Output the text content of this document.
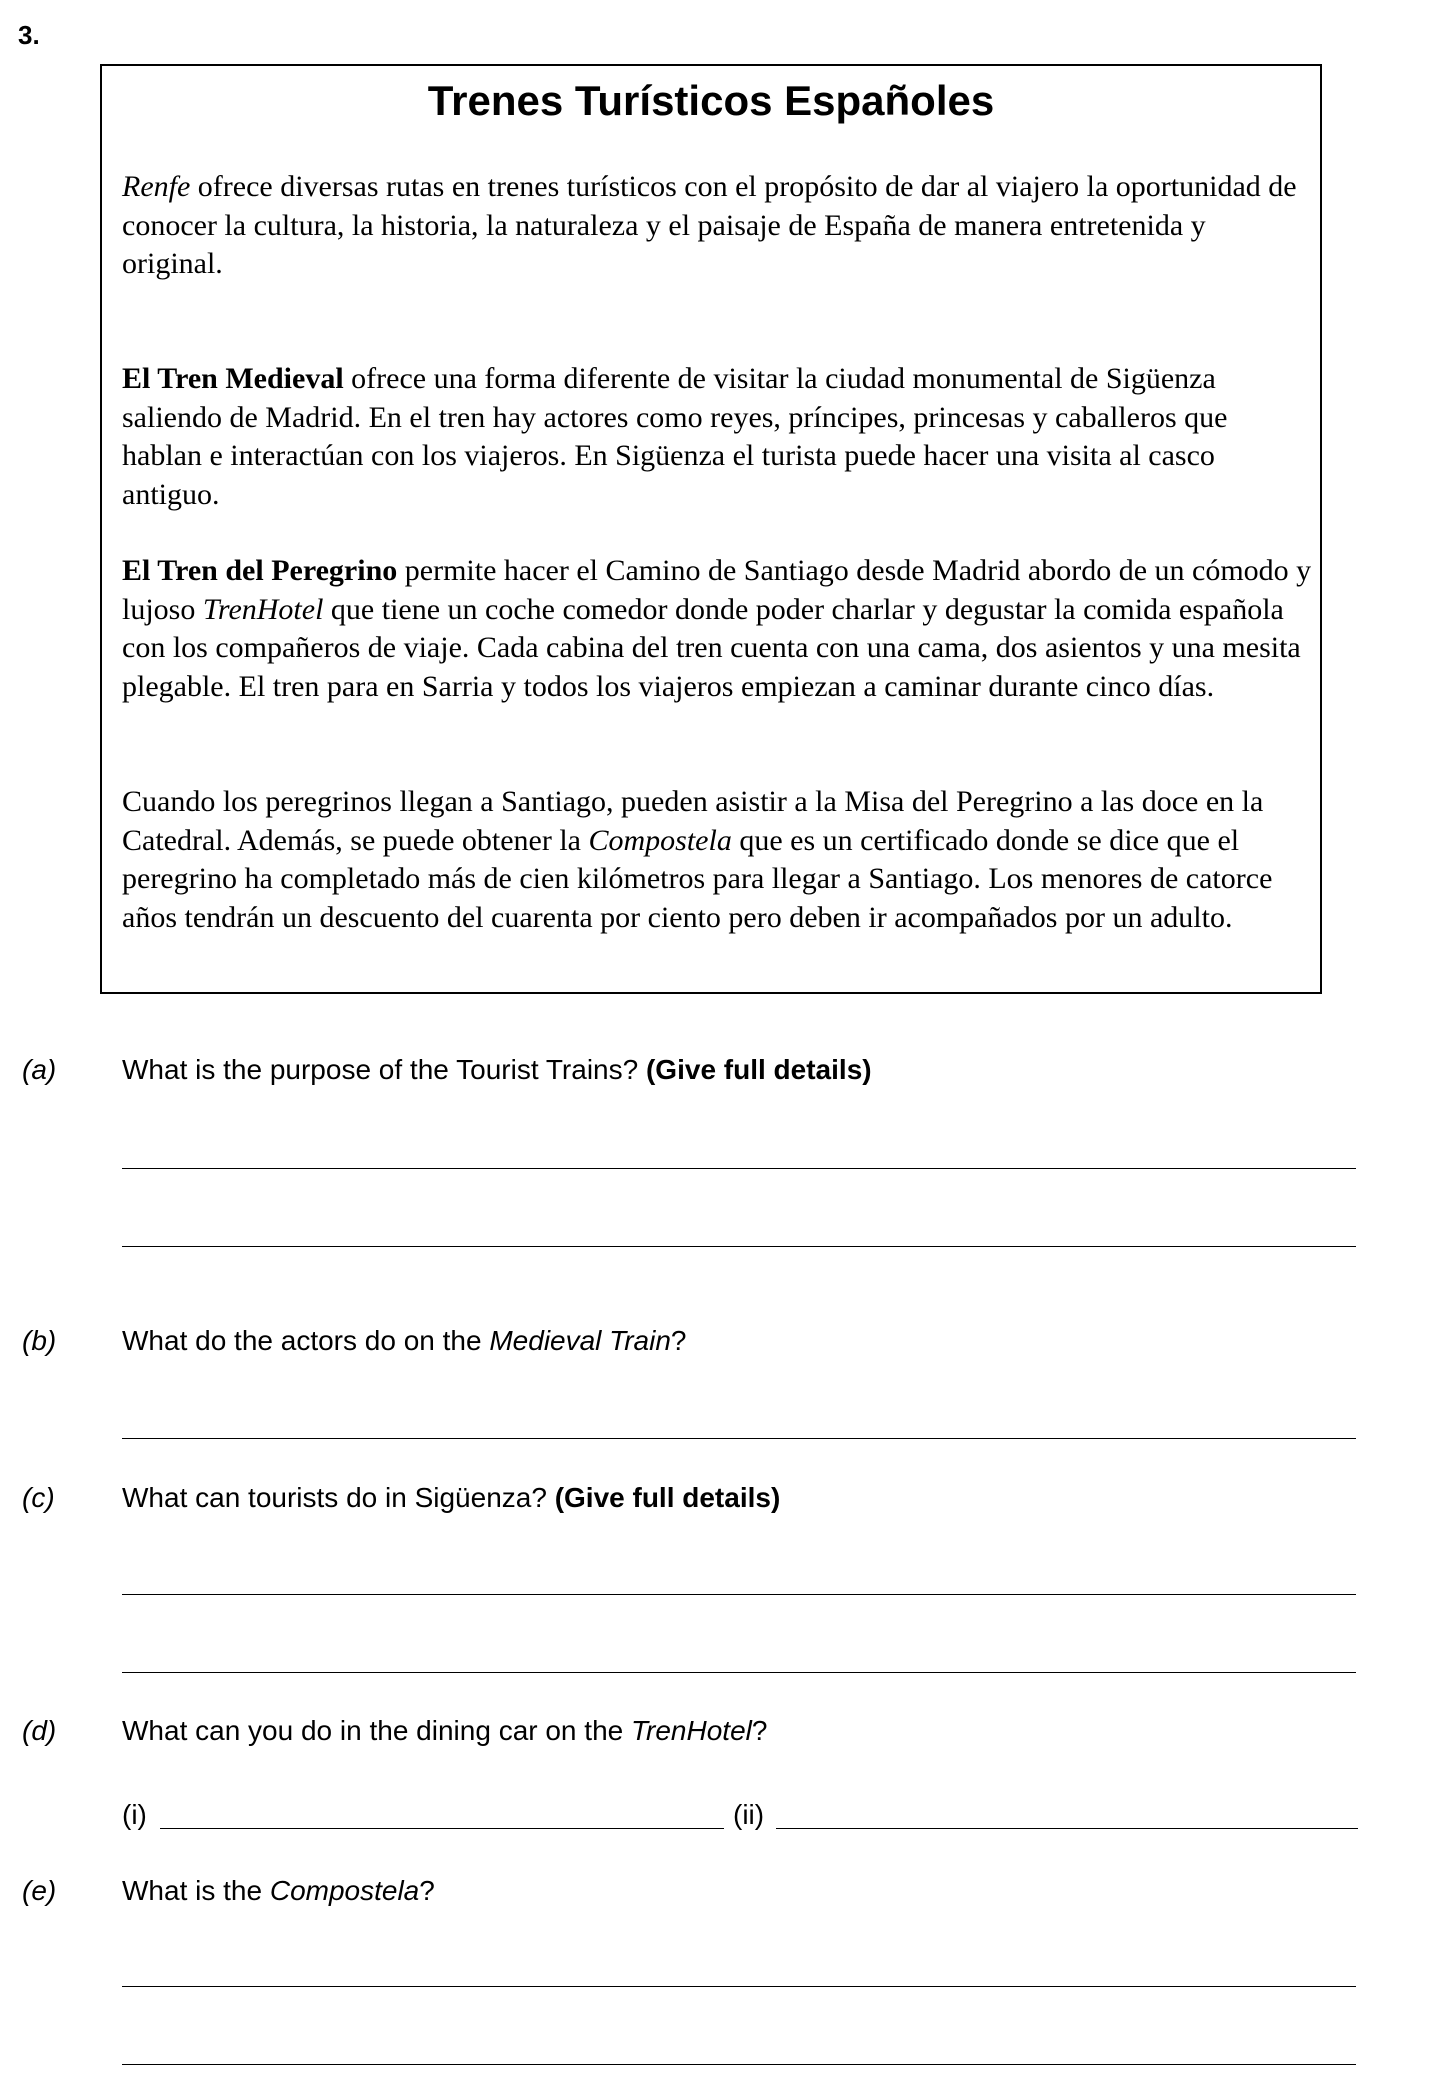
3.
Trenes Turísticos Españoles

Renfe ofrece diversas rutas en trenes turísticos con el propósito de dar al viajero la oportunidad de conocer la cultura, la historia, la naturaleza y el paisaje de España de manera entretenida y original.

El Tren Medieval ofrece una forma diferente de visitar la ciudad monumental de Sigüenza saliendo de Madrid. En el tren hay actores como reyes, príncipes, princesas y caballeros que hablan e interactúan con los viajeros. En Sigüenza el turista puede hacer una visita al casco antiguo.

El Tren del Peregrino permite hacer el Camino de Santiago desde Madrid abordo de un cómodo y lujoso TrenHotel que tiene un coche comedor donde poder charlar y degustar la comida española con los compañeros de viaje. Cada cabina del tren cuenta con una cama, dos asientos y una mesita plegable. El tren para en Sarria y todos los viajeros empiezan a caminar durante cinco días.

Cuando los peregrinos llegan a Santiago, pueden asistir a la Misa del Peregrino a las doce en la Catedral. Además, se puede obtener la Compostela que es un certificado donde se dice que el peregrino ha completado más de cien kilómetros para llegar a Santiago. Los menores de catorce años tendrán un descuento del cuarenta por ciento pero deben ir acompañados por un adulto.

(a) What is the purpose of the Tourist Trains? (Give full details)
(b) What do the actors do on the Medieval Train?
(c) What can tourists do in Sigüenza? (Give full details)
(d) What can you do in the dining car on the TrenHotel?
(i)	(ii)
(e) What is the Compostela?
